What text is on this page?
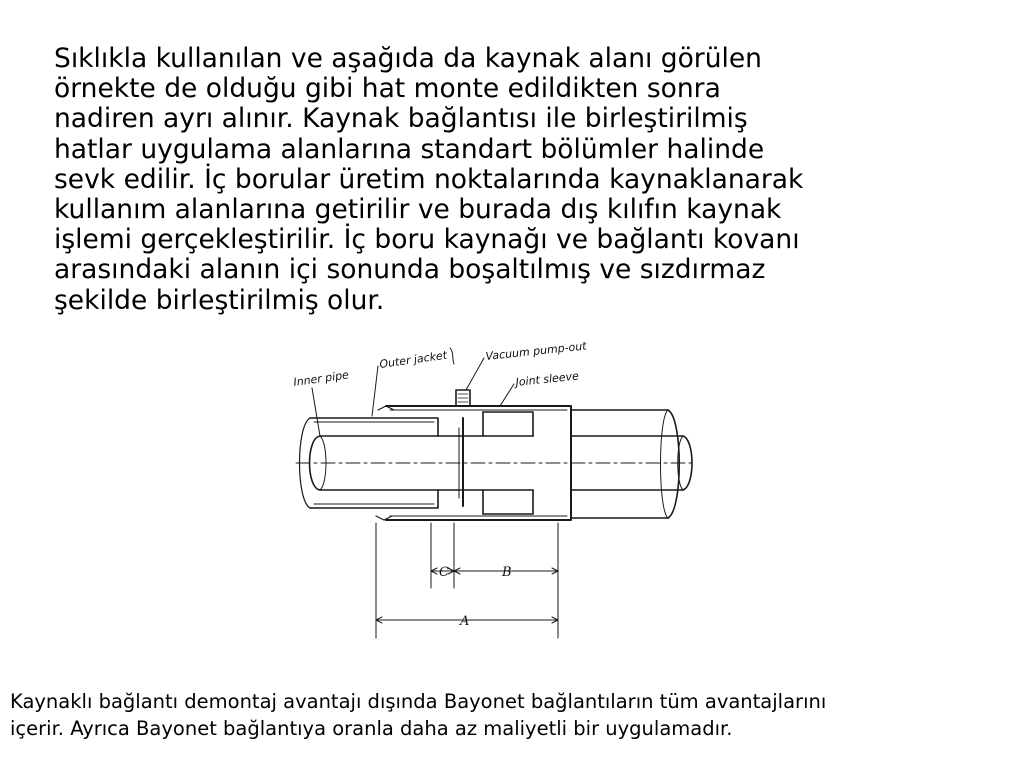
Sıklıkla kullanılan ve aşağıda da kaynak alanı görülen
örnekte de olduğu gibi hat monte edildikten sonra
nadiren ayrı alınır. Kaynak bağlantısı ile birleştirilmiş
hatlar uygulama alanlarına standart bölümler halinde
sevk edilir. İç borular üretim noktalarında kaynaklanarak
kullanım alanlarına getirilir ve burada dış kılıfın kaynak
işlemi gerçekleştirilir. İç boru kaynağı ve bağlantı kovanı
arasındaki alanın içi sonunda boşaltılmış ve sızdırmaz
şekilde birleştirilmiş olur.

Inner pipe
Outer jacket	Vacuum pump-out
Joint sleeve
C	B
A

Kaynaklı bağlantı demontaj avantajı dışında Bayonet bağlantıların tüm avantajlarını
içerir. Ayrıca Bayonet bağlantıya oranla daha az maliyetli bir uygulamadır.
